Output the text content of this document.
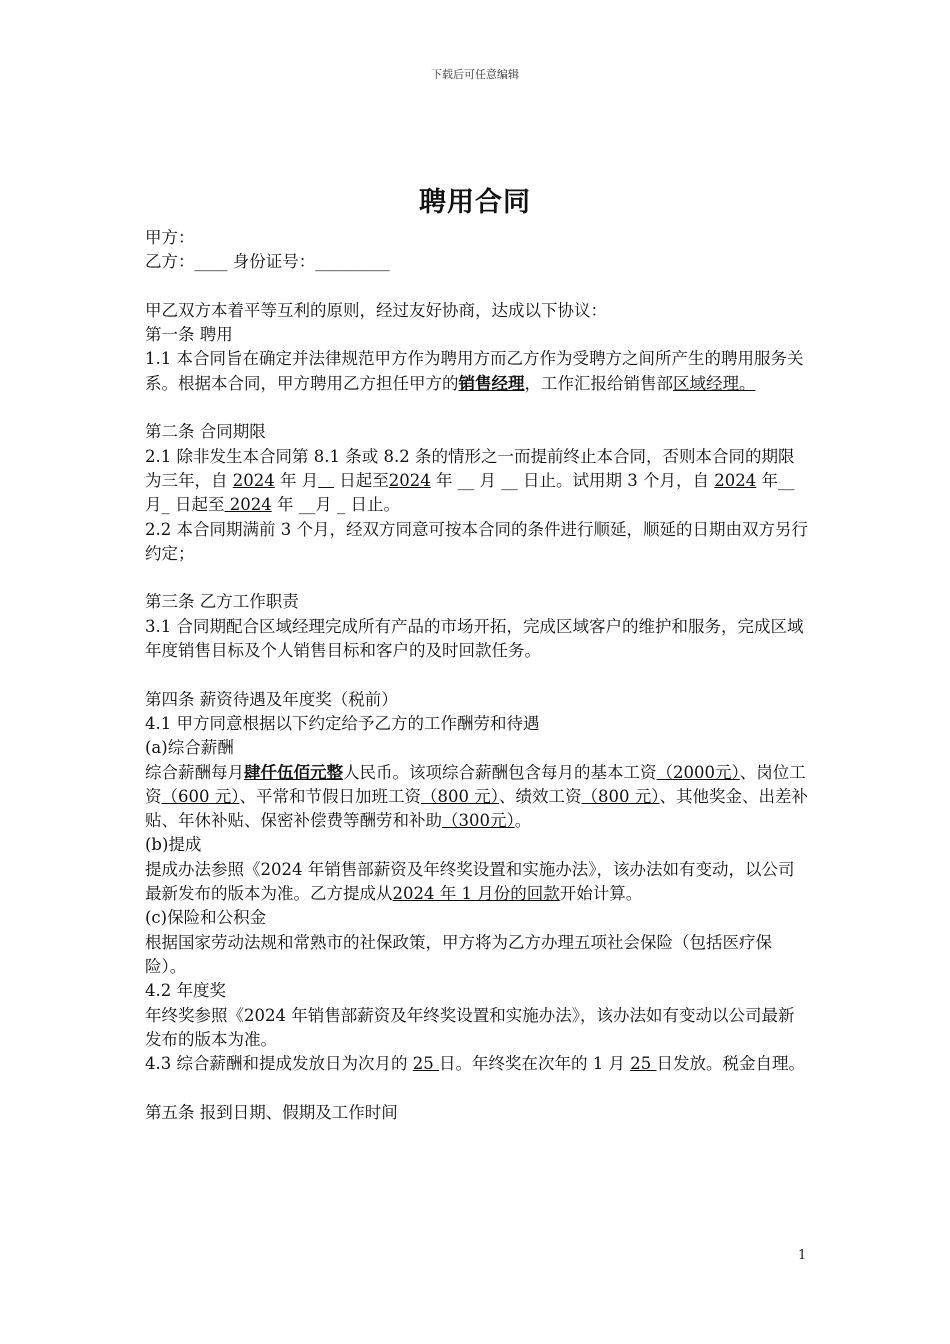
下载后可任意编辑
聘用合同

甲方：

乙方：____ 身份证号：_________

甲乙双方本着平等互利的原则，经过友好协商，达成以下协议：

第一条 聘用

1.1 本合同旨在确定并法律规范甲方作为聘用方而乙方作为受聘方之间所产生的聘用服务关系。根据本合同，甲方聘用乙方担任甲方的销售经理，工作汇报给销售部区域经理。

第二条 合同期限

2.1 除非发生本合同第 8.1 条或 8.2 条的情形之一而提前终止本合同，否则本合同的期限为三年，自 2024 年 月    日起至2024 年 __ 月 __ 日止。试用期 3 个月，自 2024 年__月_ 日起至 2024 年 __月 _ 日止。

2.2 本合同期满前 3 个月，经双方同意可按本合同的条件进行顺延，顺延的日期由双方另行约定；

第三条 乙方工作职责

3.1 合同期配合区域经理完成所有产品的市场开拓，完成区域客户的维护和服务，完成区域年度销售目标及个人销售目标和客户的及时回款任务。

第四条 薪资待遇及年度奖（税前）

4.1 甲方同意根据以下约定给予乙方的工作酬劳和待遇

(a)综合薪酬

综合薪酬每月肆仟伍佰元整人民币。该项综合薪酬包含每月的基本工资（2000元）、岗位工资（600 元）、平常和节假日加班工资（800 元）、绩效工资（800 元）、其他奖金、出差补贴、年休补贴、保密补偿费等酬劳和补助（300元）。

(b)提成

提成办法参照《2024 年销售部薪资及年终奖设置和实施办法》，该办法如有变动，以公司最新发布的版本为准。乙方提成从2024 年 1 月份的回款开始计算。

(c)保险和公积金

根据国家劳动法规和常熟市的社保政策，甲方将为乙方办理五项社会保险（包括医疗保险）。

4.2 年度奖

年终奖参照《2024 年销售部薪资及年终奖设置和实施办法》，该办法如有变动以公司最新发布的版本为准。

4.3 综合薪酬和提成发放日为次月的 25 日。年终奖在次年的 1 月 25 日发放。税金自理。

第五条 报到日期、假期及工作时间

1
